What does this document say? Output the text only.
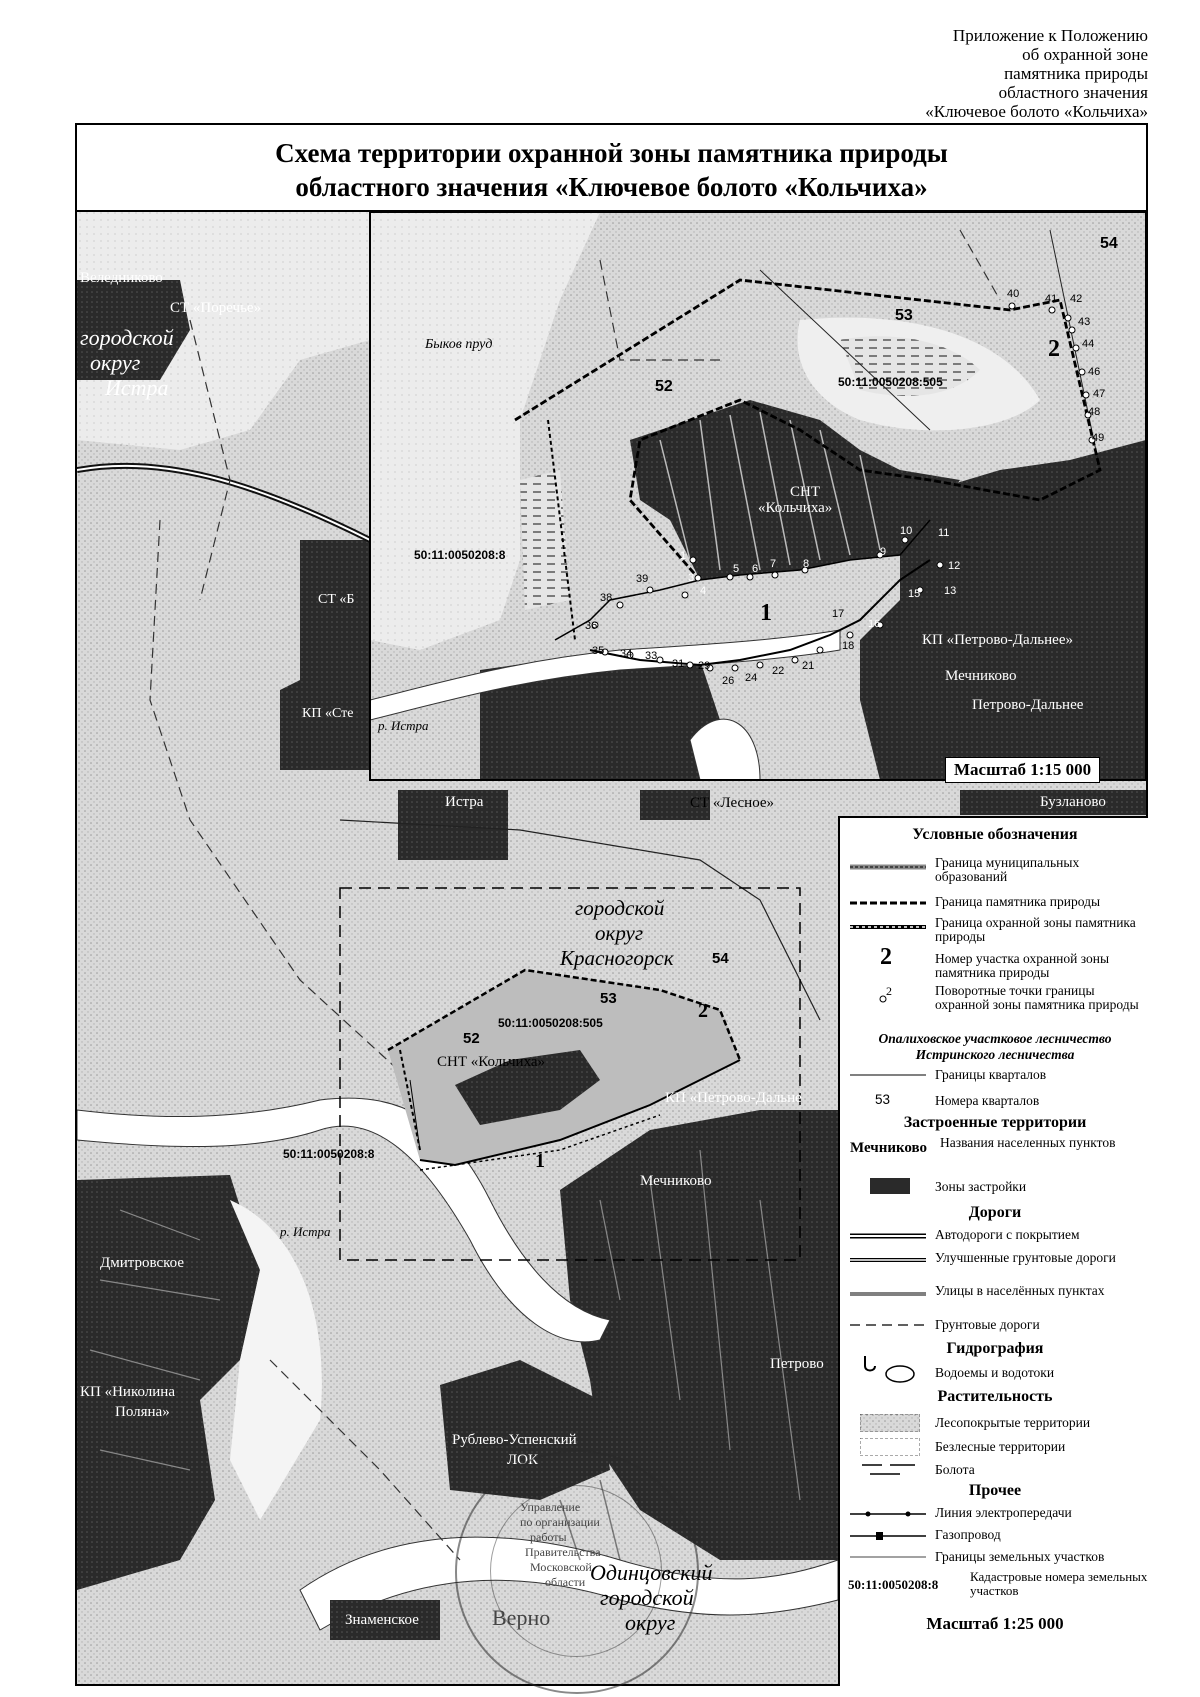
Приложение к Положению
об охранной зоне
памятника природы
областного значения
«Ключевое болото «Кольчиха»
Схема территории охранной зоны памятника природы
областного значения «Ключевое болото «Кольчиха»
54
53
52	50:11:0050208:505
50:11:0050208:8
2
1
Быков пруд
СНТ
«Кольчиха»
КП «Петрово-Дальнее»
Мечниково
Петрово-Дальнее
р. Истра
40 41 42
43
44
46
47
48
49
1
3
4
5 6 7 8
9
10 11
12
13
15
16
17
18
21
22
24
26
29
31
33
34
35
36
38
39
Масштаб 1:15 000
Веледниково
СТ «Поречье»
городской
округ
Истра
СТ «Б
КП «Сте
Истра	СТ «Лесное»	Бузланово
городской
округ
Красногорск	54
53
52
50:11:0050208:505
СНТ «Кольчиха»
КП «Петрово-Дальне
50:11:0050208:8
Мечниково
р. Истра
Дмитровское
КП «Николина
Поляна»
Петрово
Рублево-Успенский
ЛОК
Одинцовский
городской
округ
Знаменское
1
2
Верно
Управление
по организации
работы
Правительства
Московской
области
Условные обозначения
Граница муниципальных образований
Граница памятника природы
Граница охранной зоны памятника природы
2	Номер участка охранной зоны памятника природы
2	Поворотные точки границы охранной зоны памятника природы
Опалиховское участковое лесничество
Истринского лесничества
Границы кварталов
53	Номера кварталов
Застроенные территории
Мечниково Названия населенных пунктов
Зоны застройки
Дороги
Автодороги с покрытием
Улучшенные грунтовые дороги
Улицы в населённых пунктах
Грунтовые дороги
Гидрография
Водоемы и водотоки
Растительность
Лесопокрытые территории
Безлесные территории
Болота
Прочее
Линия электропередачи
Газопровод
Границы земельных участков
50:11:0050208:8
Кадастровые номера земельных участков
Масштаб 1:25 000
